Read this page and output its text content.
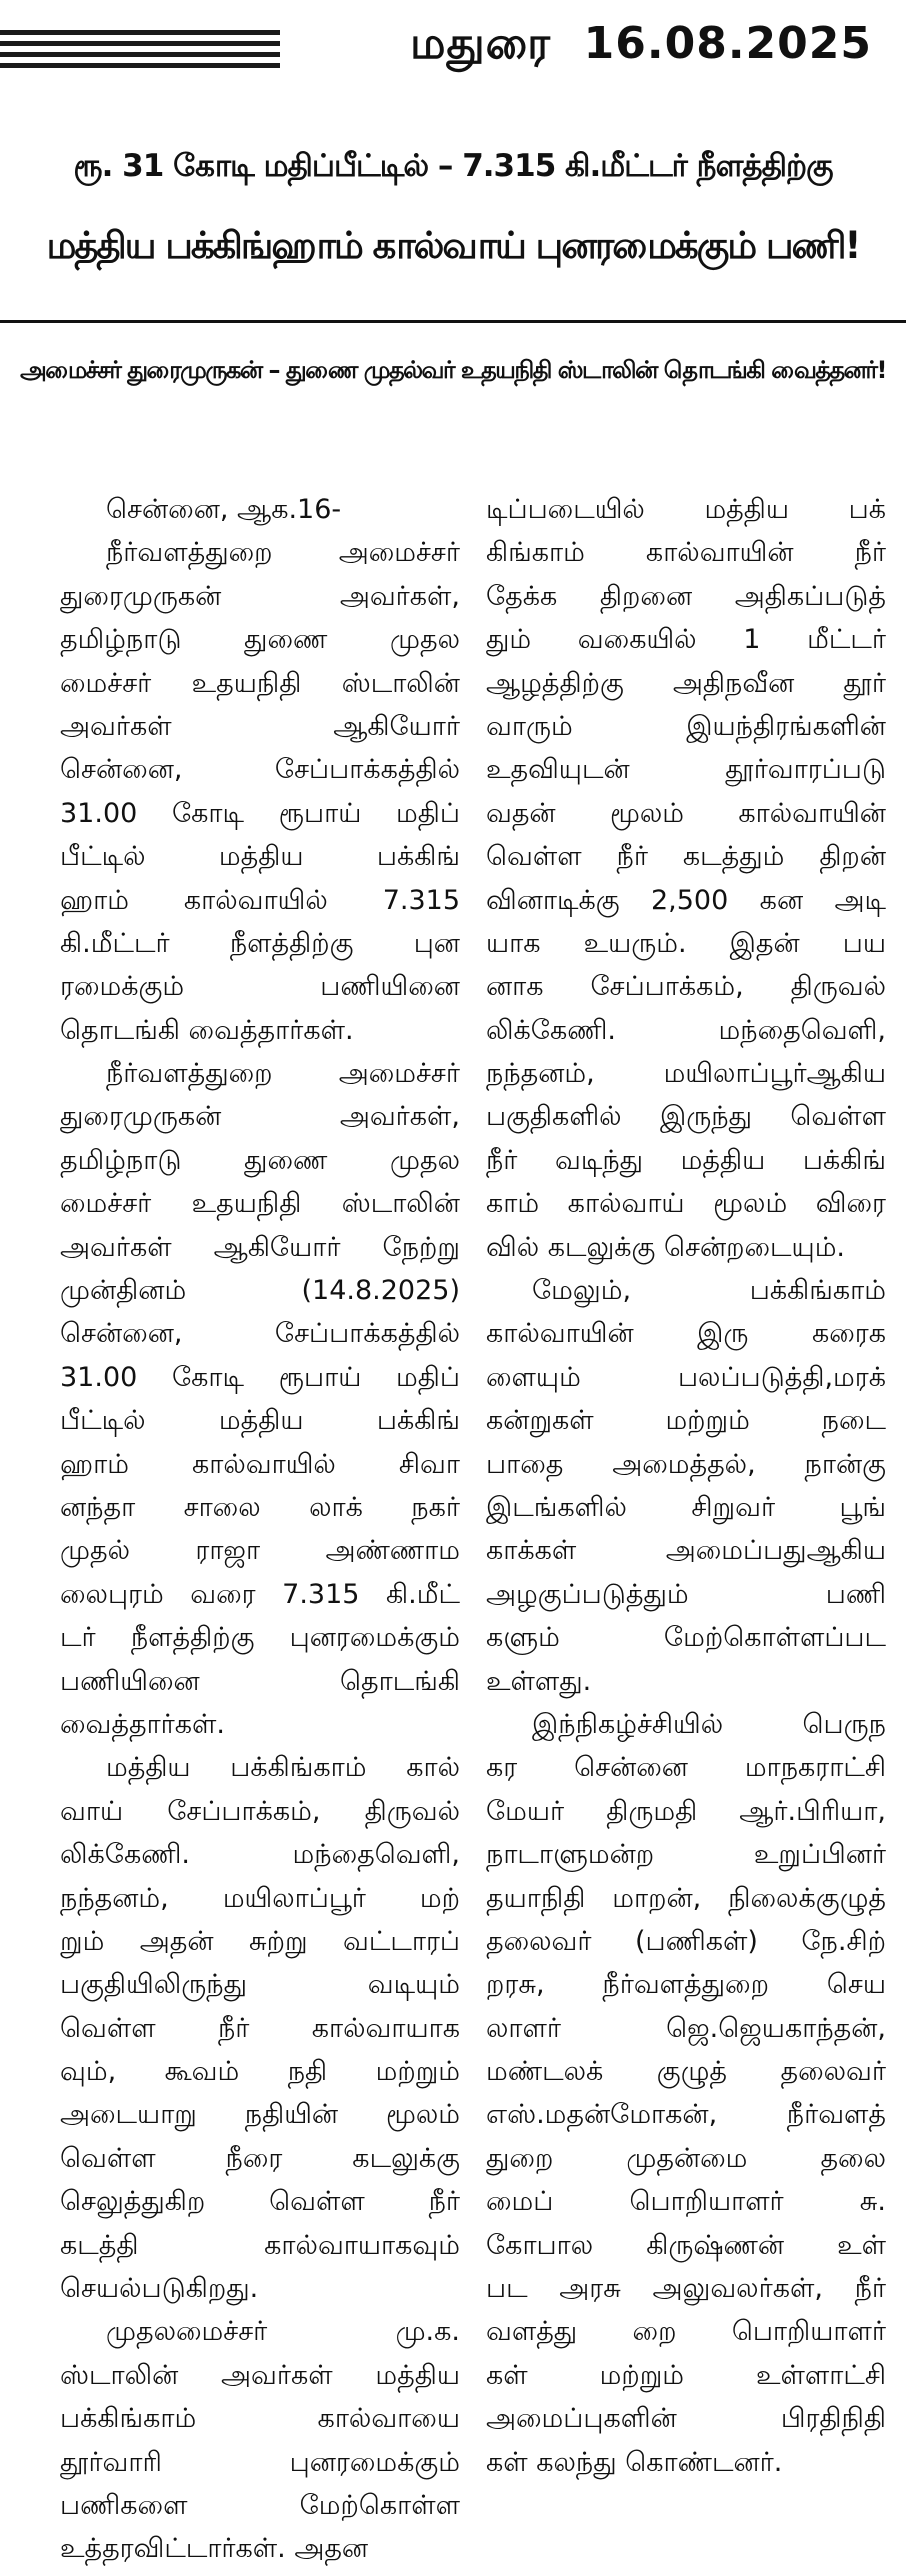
மதுரை 16.08.2025
ரூ. 31 கோடி மதிப்பீட்டில் – 7.315 கி.மீட்டர் நீளத்திற்கு
மத்திய பக்கிங்ஹாம் கால்வாய் புனரமைக்கும் பணி!
அமைச்சர் துரைமுருகன் – துணை முதல்வர் உதயநிதி ஸ்டாலின் தொடங்கி வைத்தனர்!
சென்னை, ஆக.16-
நீர்வளத்துறை அமைச்சர்
துரைமுருகன் அவர்கள்,
தமிழ்நாடு துணை முதல
மைச்சர் உதயநிதி ஸ்டாலின்
அவர்கள் ஆகியோர்
சென்னை, சேப்பாக்கத்தில்
31.00 கோடி ரூபாய் மதிப்
பீட்டில் மத்திய பக்கிங்
ஹாம் கால்வாயில் 7.315
கி.மீட்டர் நீளத்திற்கு புன
ரமைக்கும் பணியினை
தொடங்கி வைத்தார்கள்.
நீர்வளத்துறை அமைச்சர்
துரைமுருகன் அவர்கள்,
தமிழ்நாடு துணை முதல
மைச்சர் உதயநிதி ஸ்டாலின்
அவர்கள் ஆகியோர் நேற்று
முன்தினம் (14.8.2025)
சென்னை, சேப்பாக்கத்தில்
31.00 கோடி ரூபாய் மதிப்
பீட்டில் மத்திய பக்கிங்
ஹாம் கால்வாயில் சிவா
னந்தா சாலை லாக் நகர்
முதல் ராஜா அண்ணாம
லைபுரம் வரை 7.315 கி.மீட்
டர் நீளத்திற்கு புனரமைக்கும்
பணியினை தொடங்கி
வைத்தார்கள்.
மத்திய பக்கிங்காம் கால்
வாய் சேப்பாக்கம், திருவல்
லிக்கேணி. மந்தைவெளி,
நந்தனம், மயிலாப்பூர் மற்
றும் அதன் சுற்று வட்டாரப்
பகுதியிலிருந்து வடியும்
வெள்ள நீர் கால்வாயாக
வும், கூவம் நதி மற்றும்
அடையாறு நதியின் மூலம்
வெள்ள நீரை கடலுக்கு
செலுத்துகிற வெள்ள நீர்
கடத்தி கால்வாயாகவும்
செயல்படுகிறது.
முதலமைச்சர் மு.க.
ஸ்டாலின் அவர்கள் மத்திய
பக்கிங்காம் கால்வாயை
தூர்வாரி புனரமைக்கும்
பணிகளை மேற்கொள்ள
உத்தரவிட்டார்கள். அதன
டிப்படையில் மத்திய பக்
கிங்காம் கால்வாயின் நீர்
தேக்க திறனை அதிகப்படுத்
தும் வகையில் 1 மீட்டர்
ஆழத்திற்கு அதிநவீன தூர்
வாரும் இயந்திரங்களின்
உதவியுடன் தூர்வாரப்படு
வதன் மூலம் கால்வாயின்
வெள்ள நீர் கடத்தும் திறன்
வினாடிக்கு 2,500 கன அடி
யாக உயரும். இதன் பய
னாக சேப்பாக்கம், திருவல்
லிக்கேணி. மந்தைவெளி,
நந்தனம், மயிலாப்பூர்ஆகிய
பகுதிகளில் இருந்து வெள்ள
நீர் வடிந்து மத்திய பக்கிங்
காம் கால்வாய் மூலம் விரை
வில் கடலுக்கு சென்றடையும்.
மேலும், பக்கிங்காம்
கால்வாயின் இரு கரைக
ளையும் பலப்படுத்தி,மரக்
கன்றுகள் மற்றும் நடை
பாதை அமைத்தல், நான்கு
இடங்களில் சிறுவர் பூங்
காக்கள் அமைப்பதுஆகிய
அழகுப்படுத்தும் பணி
களும் மேற்கொள்ளப்பட
உள்ளது.
இந்நிகழ்ச்சியில் பெருந
கர சென்னை மாநகராட்சி
மேயர் திருமதி ஆர்.பிரியா,
நாடாளுமன்ற உறுப்பினர்
தயாநிதி மாறன், நிலைக்குழுத்
தலைவர் (பணிகள்) நே.சிற்
றரசு, நீர்வளத்துறை செய
லாளர் ஜெ.ஜெயகாந்தன்,
மண்டலக் குழுத் தலைவர்
எஸ்.மதன்மோகன், நீர்வளத்
துறை முதன்மை தலை
மைப் பொறியாளர் சு.
கோபால கிருஷ்ணன் உள்
பட அரசு அலுவலர்கள், நீர்
வளத்து றை பொறியாளர்
கள் மற்றும் உள்ளாட்சி
அமைப்புகளின் பிரதிநிதி
கள் கலந்து கொண்டனர்.
